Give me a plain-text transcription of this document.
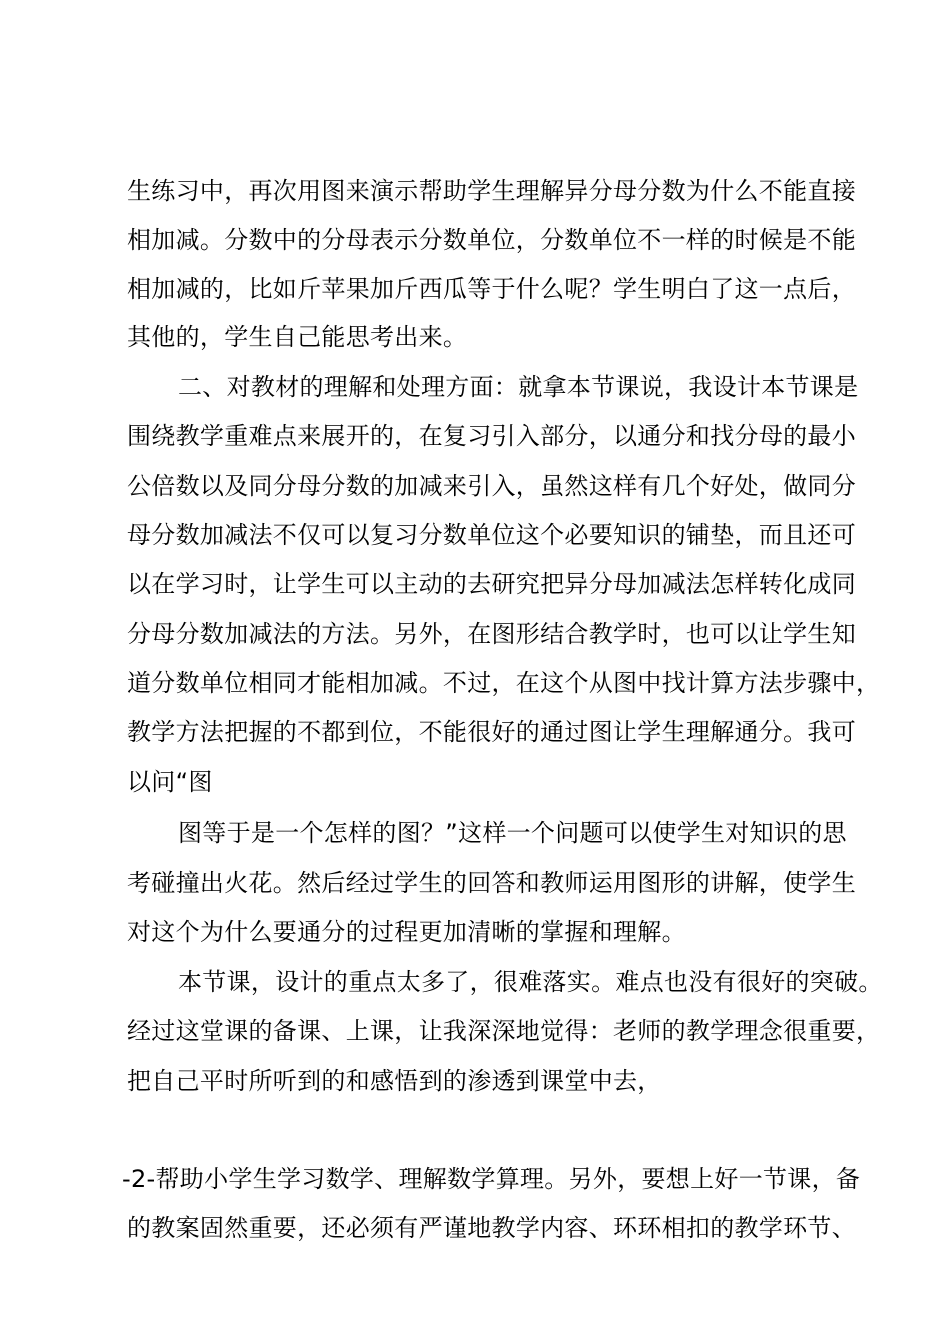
生练习中，再次用图来演示帮助学生理解异分母分数为什么不能直接
相加减。分数中的分母表示分数单位，分数单位不一样的时候是不能
相加减的，比如斤苹果加斤西瓜等于什么呢？学生明白了这一点后，
其他的，学生自己能思考出来。
二、对教材的理解和处理方面：就拿本节课说，我设计本节课是
围绕教学重难点来展开的，在复习引入部分，以通分和找分母的最小
公倍数以及同分母分数的加减来引入，虽然这样有几个好处，做同分
母分数加减法不仅可以复习分数单位这个必要知识的铺垫，而且还可
以在学习时，让学生可以主动的去研究把异分母加减法怎样转化成同
分母分数加减法的方法。另外，在图形结合教学时，也可以让学生知
道分数单位相同才能相加减。不过，在这个从图中找计算方法步骤中，
教学方法把握的不都到位，不能很好的通过图让学生理解通分。我可
以问“图
图等于是一个怎样的图？”这样一个问题可以使学生对知识的思
考碰撞出火花。然后经过学生的回答和教师运用图形的讲解，使学生
对这个为什么要通分的过程更加清晰的掌握和理解。
本节课，设计的重点太多了，很难落实。难点也没有很好的突破。
经过这堂课的备课、上课，让我深深地觉得：老师的教学理念很重要，
把自己平时所听到的和感悟到的渗透到课堂中去，
-2-帮助小学生学习数学、理解数学算理。另外，要想上好一节课，备
的教案固然重要，还必须有严谨地教学内容、环环相扣的教学环节、
